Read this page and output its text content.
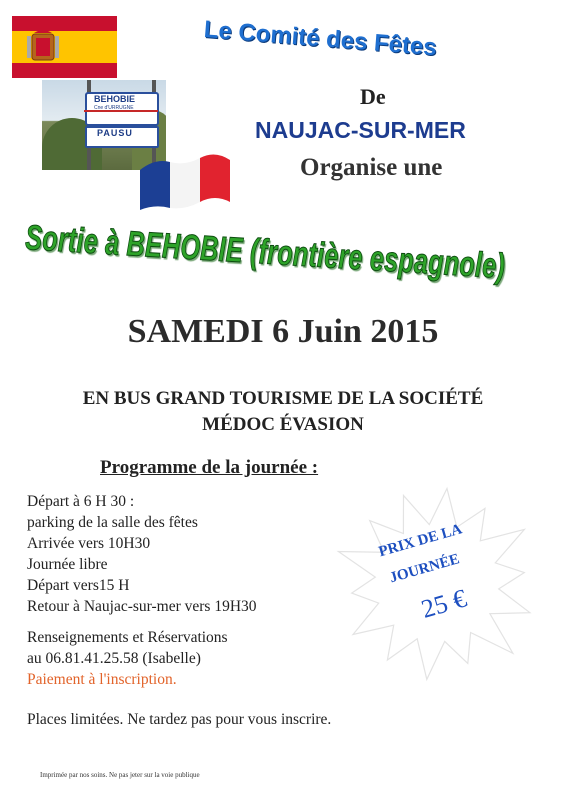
BEHOBIE
Cne d'URRUGNE
PAUSU
Le Comité des Fêtes
De
NAUJAC-SUR-MER
Organise une
Sortie à BEHOBIE (frontière espagnole)
SAMEDI 6 Juin 2015
EN BUS GRAND TOURISME DE LA SOCIÉTÉ
MÉDOC ÉVASION
Programme de la journée :
Départ à 6 H 30 :
parking de la salle des fêtes
Arrivée vers 10H30
Journée libre
Départ vers15 H
Retour à Naujac-sur-mer vers 19H30
Renseignements et Réservations
au 06.81.41.25.58 (Isabelle)
Paiement à l'inscription.
Places limitées. Ne tardez pas pour vous inscrire.
PRIX DE LA
JOURNÉE
25 €
Imprimée par nos soins. Ne pas jeter sur la voie publique
